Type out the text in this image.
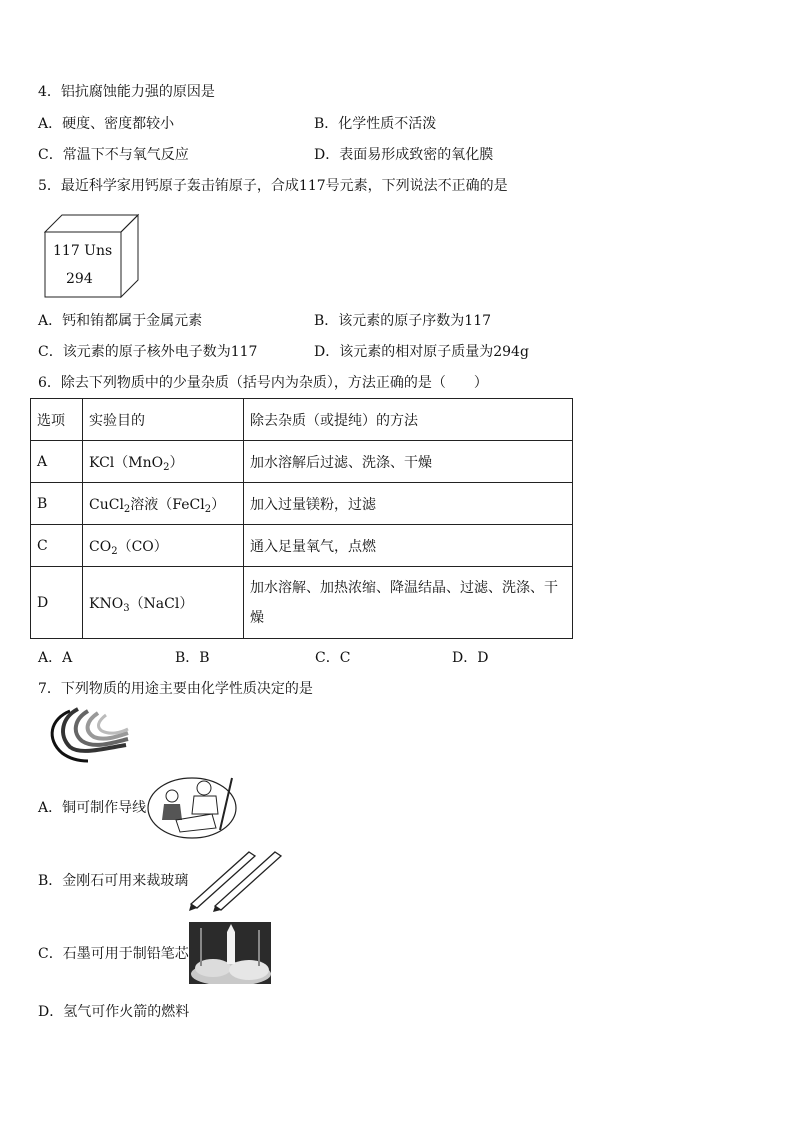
4．铝抗腐蚀能力强的原因是
A．硬度、密度都较小	B．化学性质不活泼
C．常温下不与氧气反应	D．表面易形成致密的氧化膜
5．最近科学家用钙原子轰击铕原子，合成117号元素，下列说法不正确的是
117 Uns
294
A．钙和铕都属于金属元素	B．该元素的原子序数为117
C．该元素的原子核外电子数为117	D．该元素的相对原子质量为294g
6．除去下列物质中的少量杂质（括号内为杂质），方法正确的是（　　）
选项	实验目的	除去杂质（或提纯）的方法
A	KCl（MnO$_2$）	加水溶解后过滤、洗涤、干燥
B	CuCl$_2$溶液（FeCl$_2$）	加入过量镁粉，过滤
C	$CO_2(CO)$	通入足量氧气，点燃
D	$KNO_3(NaCl)$	加水溶解、加热浓缩、降温结晶、过滤、洗涤、干燥
A．A	B．B	C．C	D．D
7．下列物质的用途主要由化学性质决定的是
A．铜可制作导线
B．金刚石可用来裁玻璃
C．石墨可用于制铅笔芯
D．氢气可作火箭的燃料
